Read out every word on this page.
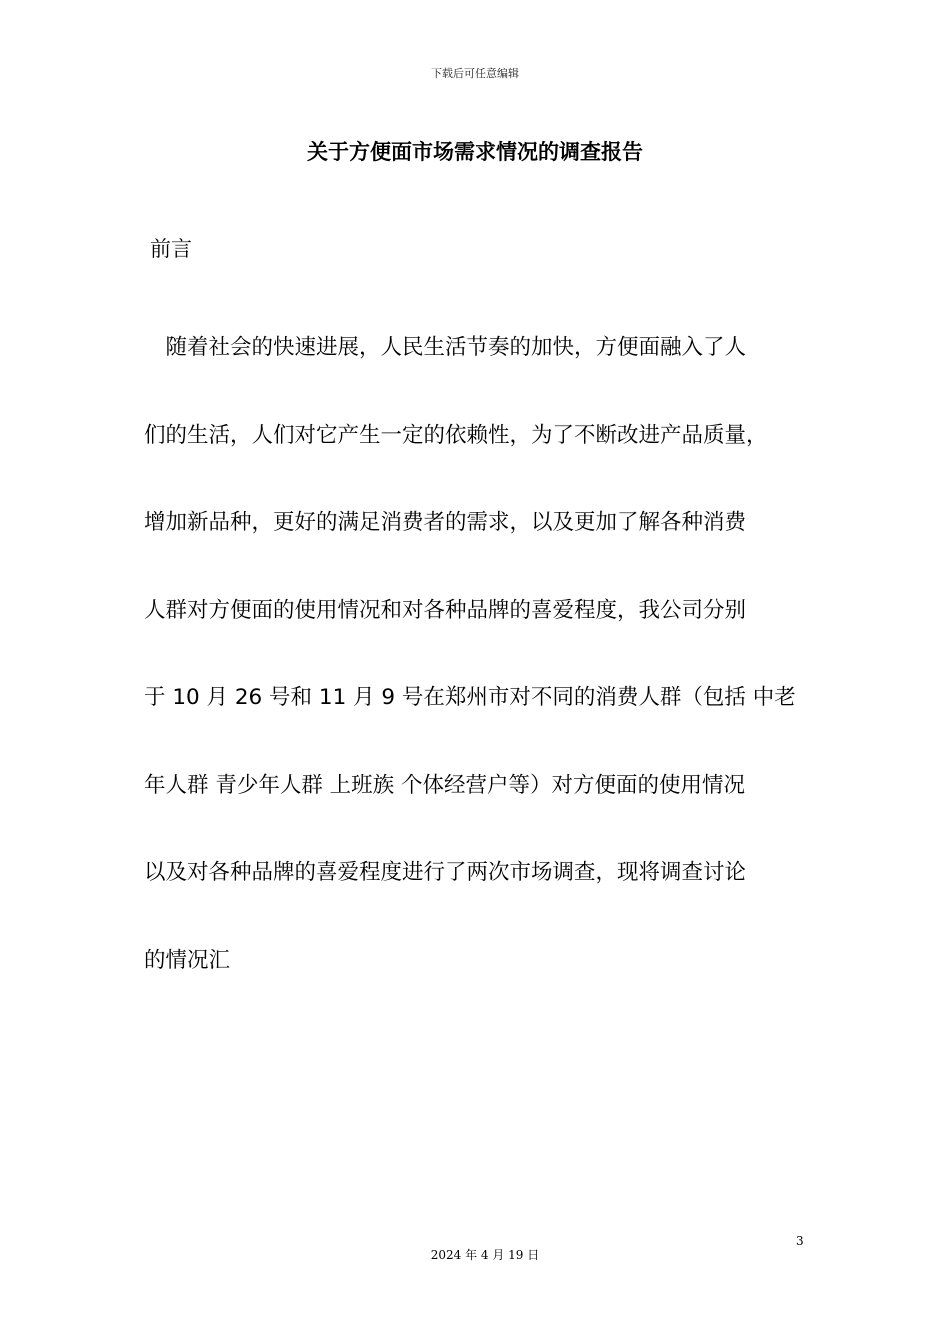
下载后可任意编辑
关于方便面市场需求情况的调查报告
前言
　随着社会的快速进展，人民生活节奏的加快，方便面融入了人
们的生活，人们对它产生一定的依赖性，为了不断改进产品质量，
增加新品种，更好的满足消费者的需求，以及更加了解各种消费
人群对方便面的使用情况和对各种品牌的喜爱程度，我公司分别
于 10 月 26 号和 11 月 9 号在郑州市对不同的消费人群（包括 中老
年人群 青少年人群 上班族 个体经营户等）对方便面的使用情况
以及对各种品牌的喜爱程度进行了两次市场调查，现将调查讨论
的情况汇
3
2024 年 4 月 19 日
